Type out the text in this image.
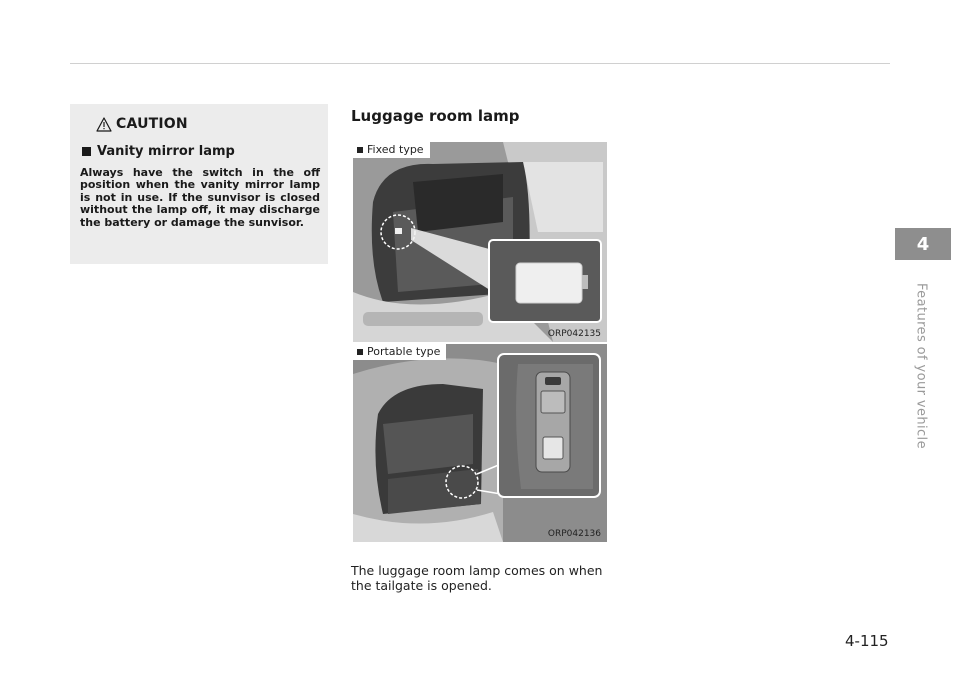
CAUTION
Vanity mirror lamp
Always have the switch in the off position when the vanity mirror lamp is not in use. If the sunvisor is closed without the lamp off, it may discharge the battery or damage the sunvisor.
Luggage room lamp
Fixed type
ORP042135
Portable type
ORP042136
The luggage room lamp comes on when the tailgate is opened.
4-115
4
Features of your vehicle
